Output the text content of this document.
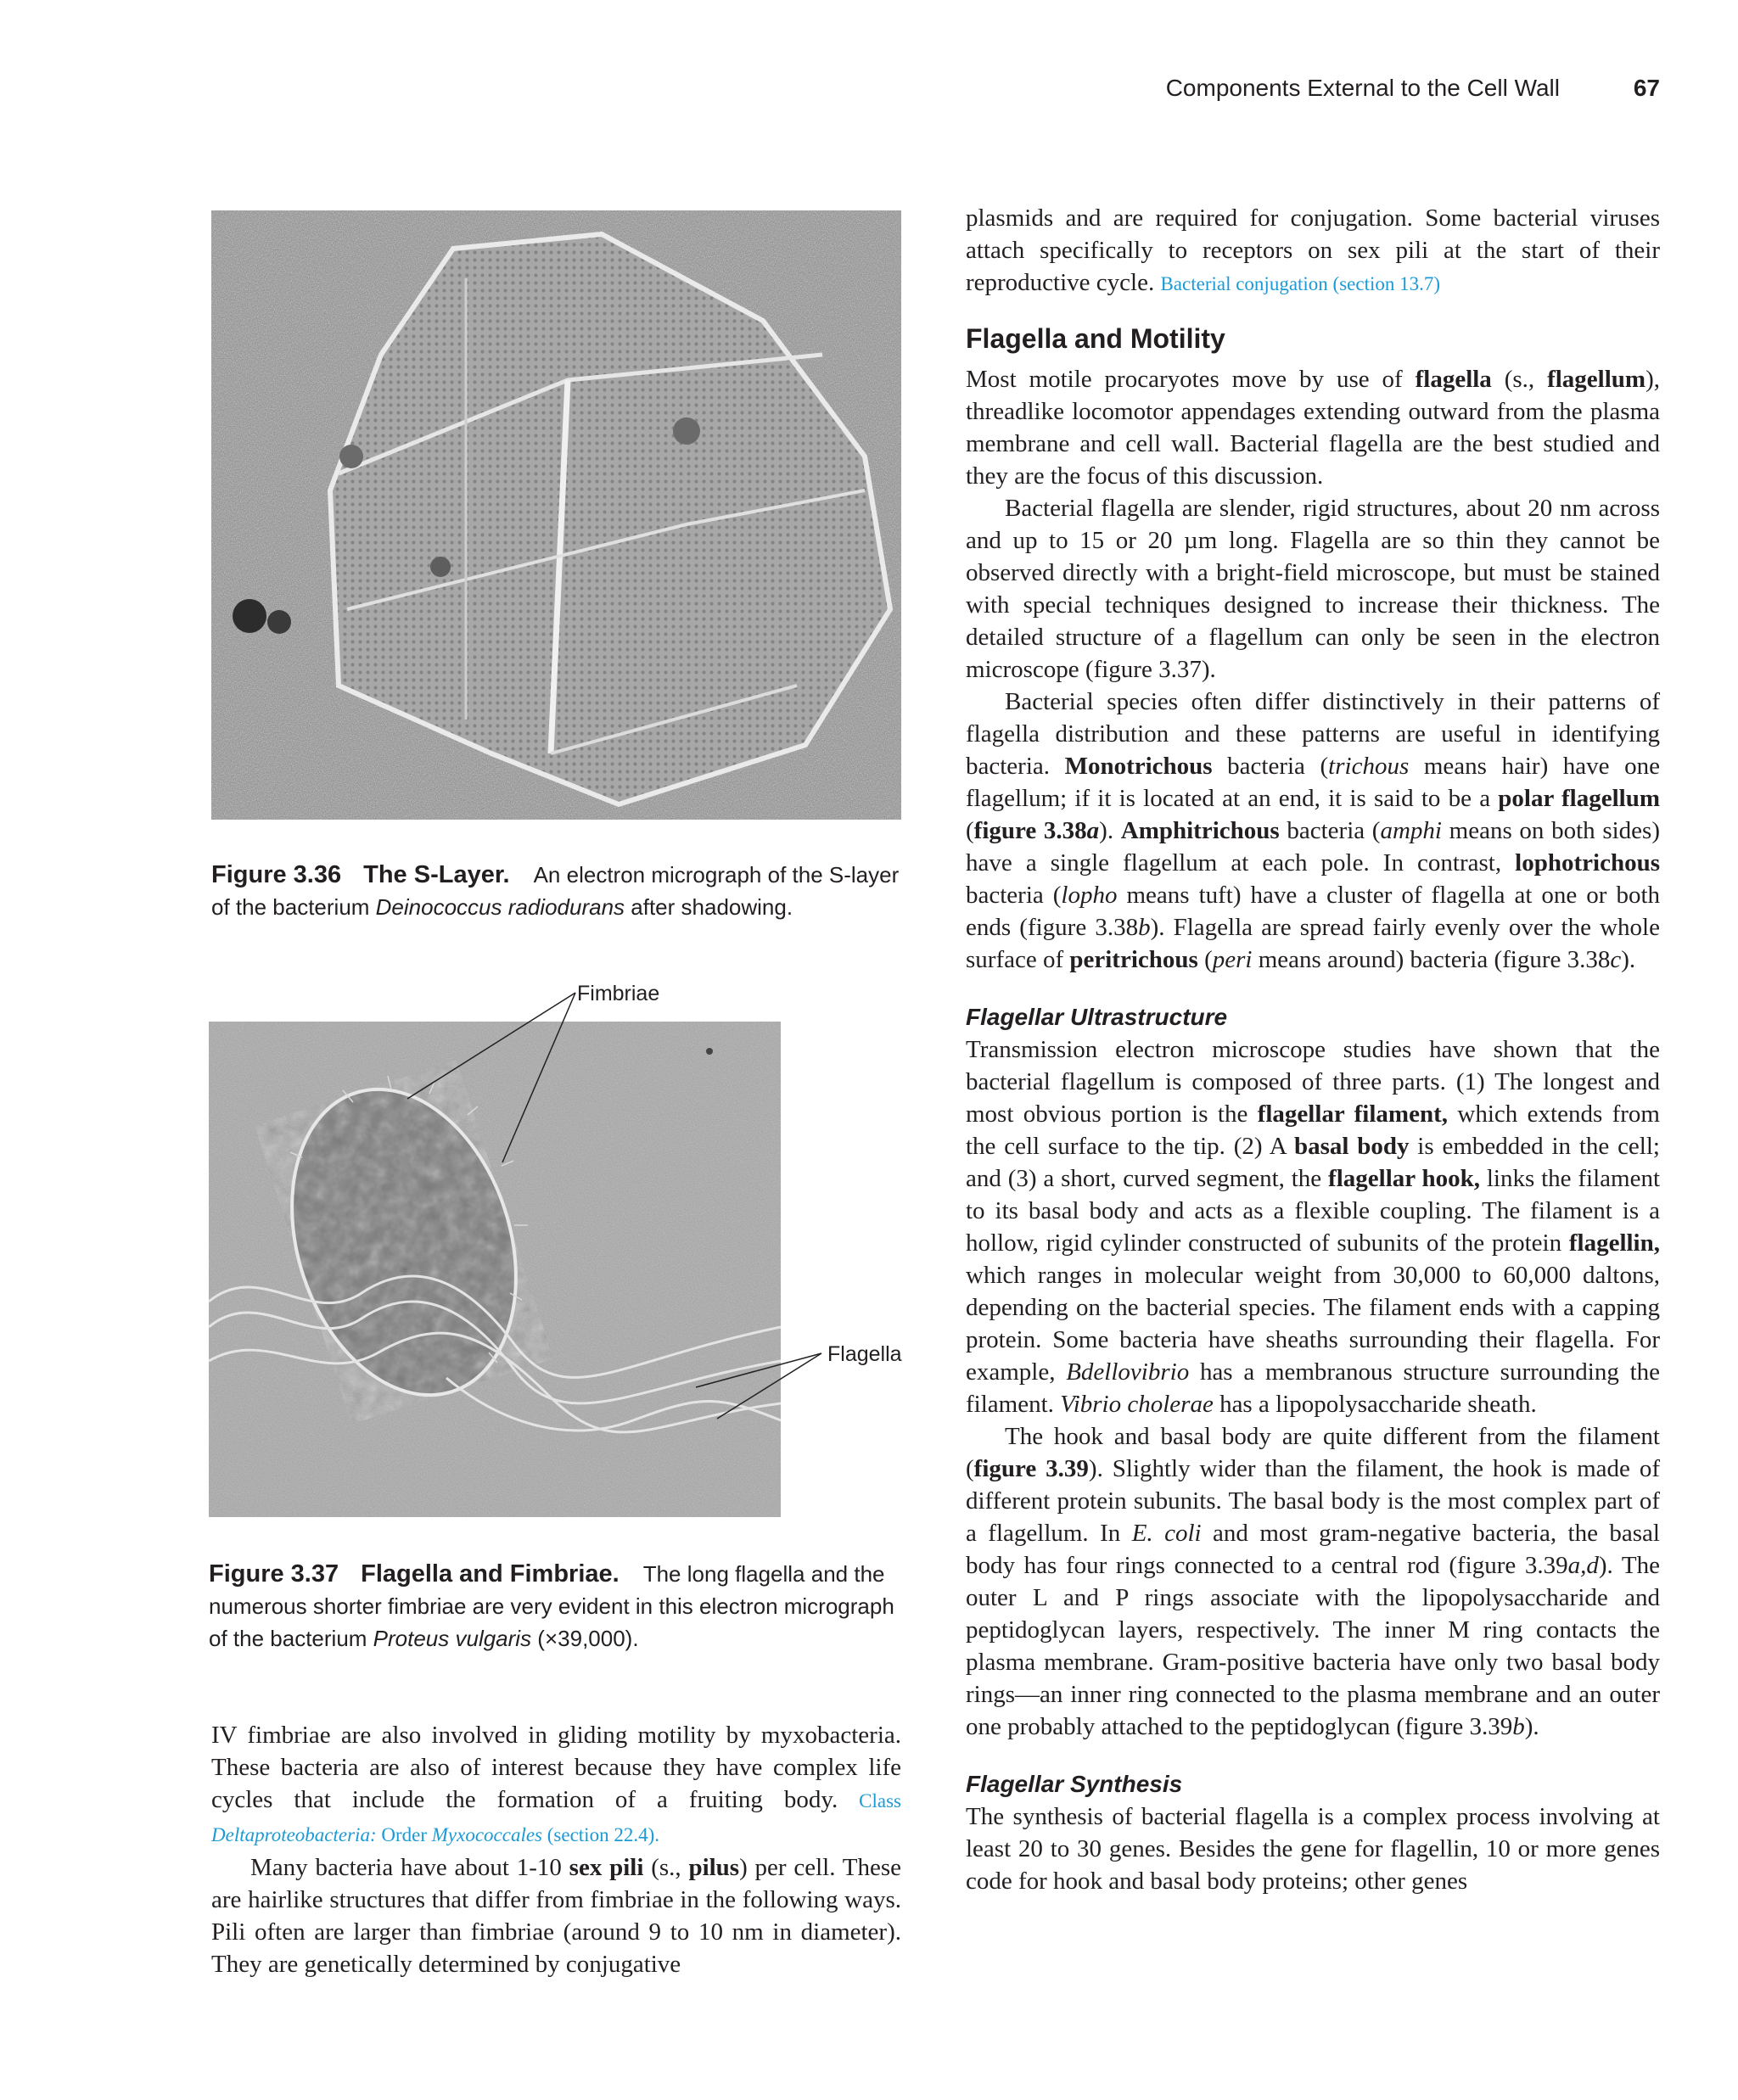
Components External to the Cell Wall	67
Figure 3.36 The S-Layer. An electron micrograph of the S-layer of the bacterium Deinococcus radiodurans after shadowing.
Fimbriae
Flagella
Figure 3.37 Flagella and Fimbriae. The long flagella and the numerous shorter fimbriae are very evident in this electron micrograph of the bacterium Proteus vulgaris (×39,000).

IV fimbriae are also involved in gliding motility by myxobacteria. These bacteria are also of interest because they have complex life cycles that include the formation of a fruiting body. Class Deltaproteobacteria: Order Myxococcales (section 22.4).

Many bacteria have about 1-10 sex pili (s., pilus) per cell. These are hairlike structures that differ from fimbriae in the following ways. Pili often are larger than fimbriae (around 9 to 10 nm in diameter). They are genetically determined by conjugative

plasmids and are required for conjugation. Some bacterial viruses attach specifically to receptors on sex pili at the start of their reproductive cycle. Bacterial conjugation (section 13.7)

Flagella and Motility

Most motile procaryotes move by use of flagella (s., flagellum), threadlike locomotor appendages extending outward from the plasma membrane and cell wall. Bacterial flagella are the best studied and they are the focus of this discussion.

Bacterial flagella are slender, rigid structures, about 20 nm across and up to 15 or 20 µm long. Flagella are so thin they cannot be observed directly with a bright-field microscope, but must be stained with special techniques designed to increase their thickness. The detailed structure of a flagellum can only be seen in the electron microscope (figure 3.37).

Bacterial species often differ distinctively in their patterns of flagella distribution and these patterns are useful in identifying bacteria. Monotrichous bacteria (trichous means hair) have one flagellum; if it is located at an end, it is said to be a polar flagellum (figure 3.38a). Amphitrichous bacteria (amphi means on both sides) have a single flagellum at each pole. In contrast, lophotrichous bacteria (lopho means tuft) have a cluster of flagella at one or both ends (figure 3.38b). Flagella are spread fairly evenly over the whole surface of peritrichous (peri means around) bacteria (figure 3.38c).

Flagellar Ultrastructure

Transmission electron microscope studies have shown that the bacterial flagellum is composed of three parts. (1) The longest and most obvious portion is the flagellar filament, which extends from the cell surface to the tip. (2) A basal body is embedded in the cell; and (3) a short, curved segment, the flagellar hook, links the filament to its basal body and acts as a flexible coupling. The filament is a hollow, rigid cylinder constructed of subunits of the protein flagellin, which ranges in molecular weight from 30,000 to 60,000 daltons, depending on the bacterial species. The filament ends with a capping protein. Some bacteria have sheaths surrounding their flagella. For example, Bdellovibrio has a membranous structure surrounding the filament. Vibrio cholerae has a lipopolysaccharide sheath.

The hook and basal body are quite different from the filament (figure 3.39). Slightly wider than the filament, the hook is made of different protein subunits. The basal body is the most complex part of a flagellum. In E. coli and most gram-negative bacteria, the basal body has four rings connected to a central rod (figure 3.39a,d). The outer L and P rings associate with the lipopolysaccharide and peptidoglycan layers, respectively. The inner M ring contacts the plasma membrane. Gram-positive bacteria have only two basal body rings—an inner ring connected to the plasma membrane and an outer one probably attached to the peptidoglycan (figure 3.39b).

Flagellar Synthesis

The synthesis of bacterial flagella is a complex process involving at least 20 to 30 genes. Besides the gene for flagellin, 10 or more genes code for hook and basal body proteins; other genes
